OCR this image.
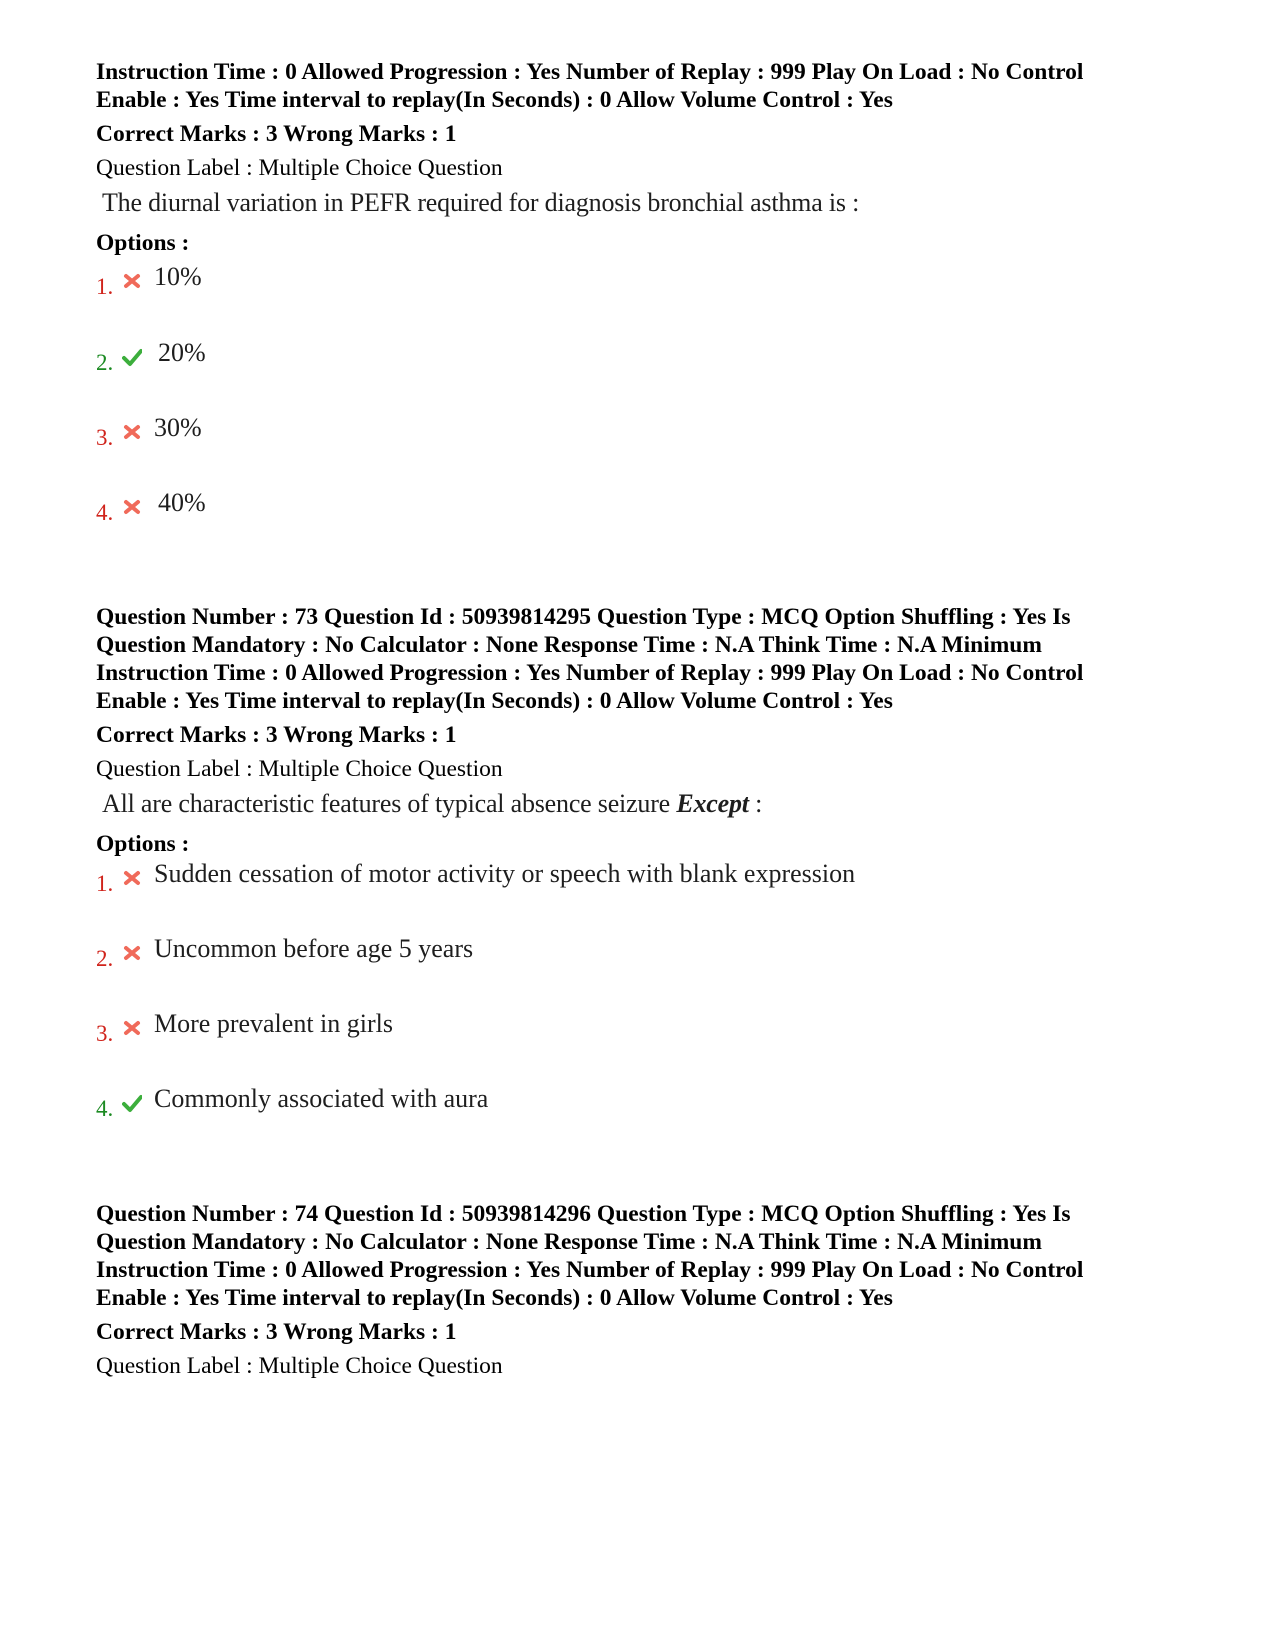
Instruction Time : 0 Allowed Progression : Yes Number of Replay : 999 Play On Load : No Control
Enable : Yes Time interval to replay(In Seconds) : 0 Allow Volume Control : Yes
Correct Marks : 3 Wrong Marks : 1
Question Label : Multiple Choice Question
The diurnal variation in PEFR required for diagnosis bronchial asthma is :
Options :
1. 10%
2. 20%
3. 30%
4. 40%
Question Number : 73 Question Id : 50939814295 Question Type : MCQ Option Shuffling : Yes Is
Question Mandatory : No Calculator : None Response Time : N.A Think Time : N.A Minimum
Instruction Time : 0 Allowed Progression : Yes Number of Replay : 999 Play On Load : No Control
Enable : Yes Time interval to replay(In Seconds) : 0 Allow Volume Control : Yes
Correct Marks : 3 Wrong Marks : 1
Question Label : Multiple Choice Question
All are characteristic features of typical absence seizure Except :
Options :
1. Sudden cessation of motor activity or speech with blank expression
2. Uncommon before age 5 years
3. More prevalent in girls
4. Commonly associated with aura
Question Number : 74 Question Id : 50939814296 Question Type : MCQ Option Shuffling : Yes Is
Question Mandatory : No Calculator : None Response Time : N.A Think Time : N.A Minimum
Instruction Time : 0 Allowed Progression : Yes Number of Replay : 999 Play On Load : No Control
Enable : Yes Time interval to replay(In Seconds) : 0 Allow Volume Control : Yes
Correct Marks : 3 Wrong Marks : 1
Question Label : Multiple Choice Question
